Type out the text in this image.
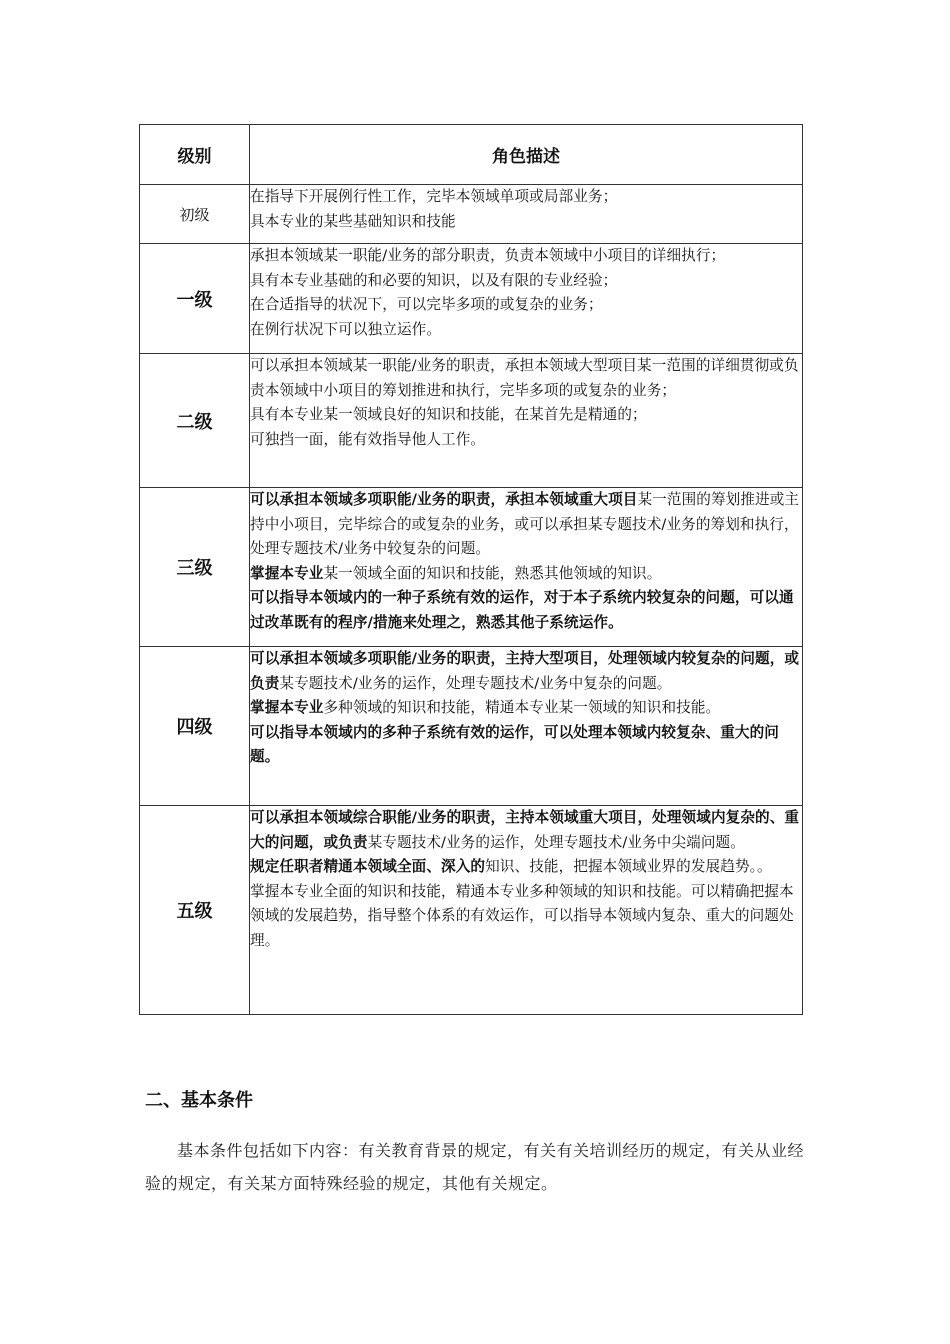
级别	角色描述
初级	在指导下开展例行性工作，完毕本领域单项或局部业务；
具本专业的某些基础知识和技能

一级	承担本领域某一职能/业务的部分职责，负责本领域中小项目的详细执行；
具有本专业基础的和必要的知识，以及有限的专业经验；
在合适指导的状况下，可以完毕多项的或复杂的业务；
在例行状况下可以独立运作。

二级	可以承担本领域某一职能/业务的职责，承担本领域大型项目某一范围的详细贯彻或负责本领域中小项目的筹划推进和执行，完毕多项的或复杂的业务；
具有本专业某一领域良好的知识和技能，在某首先是精通的；
可独挡一面，能有效指导他人工作。

三级	可以承担本领域多项职能/业务的职责，承担本领域重大项目某一范围的筹划推进或主持中小项目，完毕综合的或复杂的业务，或可以承担某专题技术/业务的筹划和执行，处理专题技术/业务中较复杂的问题。
掌握本专业某一领域全面的知识和技能，熟悉其他领域的知识。
可以指导本领域内的一种子系统有效的运作，对于本子系统内较复杂的问题，可以通过改革既有的程序/措施来处理之，熟悉其他子系统运作。

四级	可以承担本领域多项职能/业务的职责，主持大型项目，处理领域内较复杂的问题，或负责某专题技术/业务的运作，处理专题技术/业务中复杂的问题。
掌握本专业多种领域的知识和技能，精通本专业某一领域的知识和技能。
可以指导本领域内的多种子系统有效的运作，可以处理本领域内较复杂、重大的问题。

五级	可以承担本领域综合职能/业务的职责，主持本领域重大项目，处理领域内复杂的、重大的问题，或负责某专题技术/业务的运作，处理专题技术/业务中尖端问题。
规定任职者精通本领域全面、深入的知识、技能，把握本领域业界的发展趋势。。
掌握本专业全面的知识和技能，精通本专业多种领域的知识和技能。可以精确把握本领域的发展趋势，指导整个体系的有效运作，可以指导本领域内复杂、重大的问题处理。
二、基本条件
基本条件包括如下内容：有关教育背景的规定，有关有关培训经历的规定，有关从业经验的规定，有关某方面特殊经验的规定，其他有关规定。
